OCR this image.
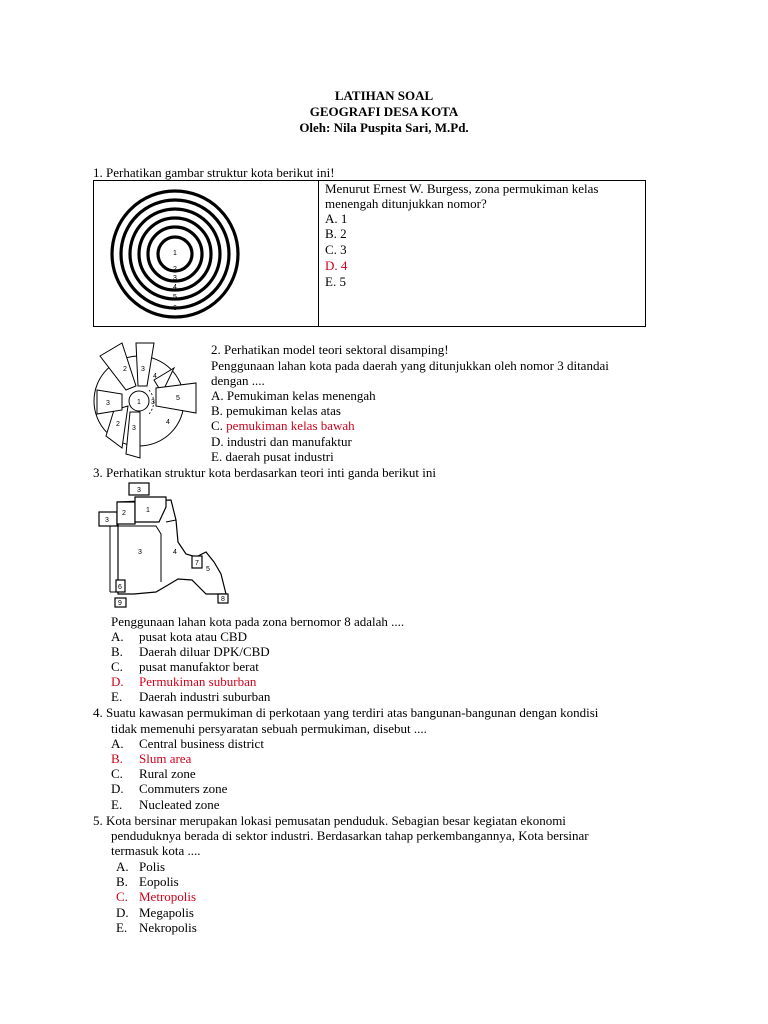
LATIHAN SOAL
GEOGRAFI DESA KOTA
Oleh: Nila Puspita Sari, M.Pd.
1. Perhatikan gambar struktur kota berikut ini!
1
2
3
4
5
6
Menurut Ernest W. Burgess, zona permukiman kelas
menengah ditunjukkan nomor?
A. 1
B. 2
C. 3
D. 4
E. 5
2 3
4
1
5
3
4
2
3
3
2. Perhatikan model teori sektoral disamping!
Penggunaan lahan kota pada daerah yang ditunjukkan oleh nomor 3 ditandai
dengan ....
A. Pemukiman kelas menengah
B. pemukiman kelas atas
C. pemukiman kelas bawah
D. industri dan manufaktur
E. daerah pusat industri
3. Perhatikan struktur kota berdasarkan teori inti ganda berikut ini
3
2	1
3
3	4
7
5
6
9
8
Penggunaan lahan kota pada zona bernomor 8 adalah ....
A. pusat kota atau CBD
B. Daerah diluar DPK/CBD
C. pusat manufaktor berat
D. Permukiman suburban
E. Daerah industri suburban
4. Suatu kawasan permukiman di perkotaan yang terdiri atas bangunan-bangunan dengan kondisi
tidak memenuhi persyaratan sebuah permukiman, disebut ....
A. Central business district
B. Slum area
C. Rural zone
D. Commuters zone
E. Nucleated zone
5. Kota bersinar merupakan lokasi pemusatan penduduk. Sebagian besar kegiatan ekonomi
penduduknya berada di sektor industri. Berdasarkan tahap perkembangannya, Kota bersinar
termasuk kota ....
A. Polis
B. Eopolis
C. Metropolis
D. Megapolis
E. Nekropolis
